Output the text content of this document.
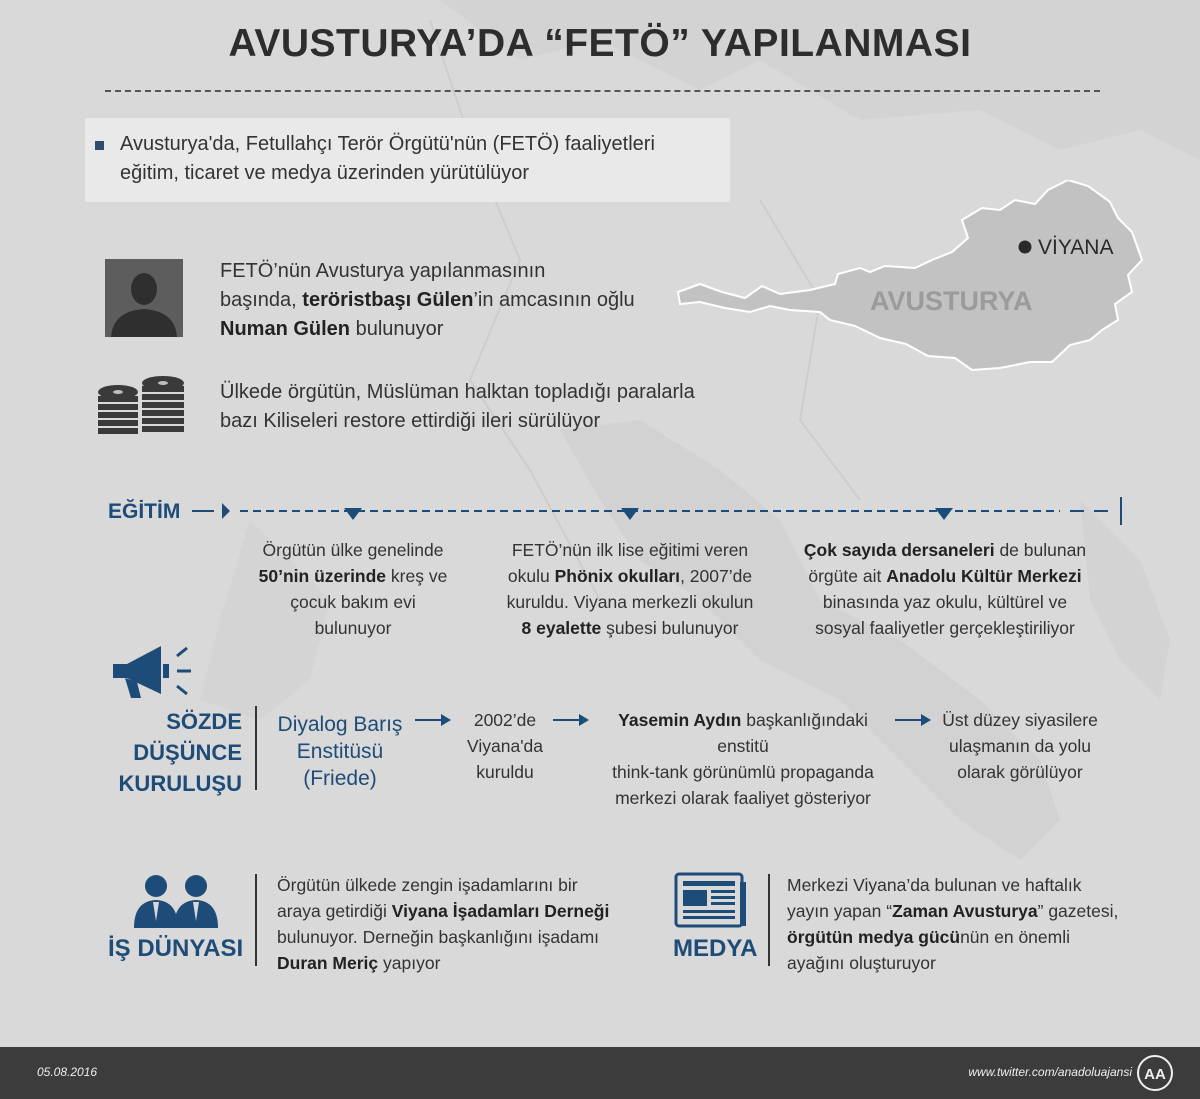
AVUSTURYA’DA “FETÖ” YAPILANMASI
Avusturya'da, Fetullahçı Terör Örgütü'nün (FETÖ) faaliyetleri
eğitim, ticaret ve medya üzerinden yürütülüyor
AVUSTURYA
VİYANA
FETÖ’nün Avusturya yapılanmasının
başında, teröristbaşı Gülen’in amcasının oğlu
Numan Gülen bulunuyor
Ülkede örgütün, Müslüman halktan topladığı paralarla
bazı Kiliseleri restore ettirdiği ileri sürülüyor
EĞİTİM
Örgütün ülke genelinde
50’nin üzerinde kreş ve
çocuk bakım evi
bulunuyor
FETÖ’nün ilk lise eğitimi veren
okulu Phönix okulları, 2007’de
kuruldu. Viyana merkezli okulun
8 eyalette şubesi bulunuyor
Çok sayıda dersaneleri de bulunan
örgüte ait Anadolu Kültür Merkezi
binasında yaz okulu, kültürel ve
sosyal faaliyetler gerçekleştiriliyor
SÖZDE
DÜŞÜNCE
KURULUŞU
Diyalog Barış
Enstitüsü
(Friede)
2002’de
Viyana'da
kuruldu
Yasemin Aydın başkanlığındaki enstitü
think-tank görünümlü propaganda
merkezi olarak faaliyet gösteriyor
Üst düzey siyasilere
ulaşmanın da yolu
olarak görülüyor
İŞ DÜNYASI
Örgütün ülkede zengin işadamlarını bir
araya getirdiği Viyana İşadamları Derneği
bulunuyor. Derneğin başkanlığını işadamı
Duran Meriç yapıyor
MEDYA
Merkezi Viyana’da bulunan ve haftalık
yayın yapan “Zaman Avusturya” gazetesi,
örgütün medya gücünün en önemli
ayağını oluşturuyor
05.08.2016	www.twitter.com/anadoluajansi AA
